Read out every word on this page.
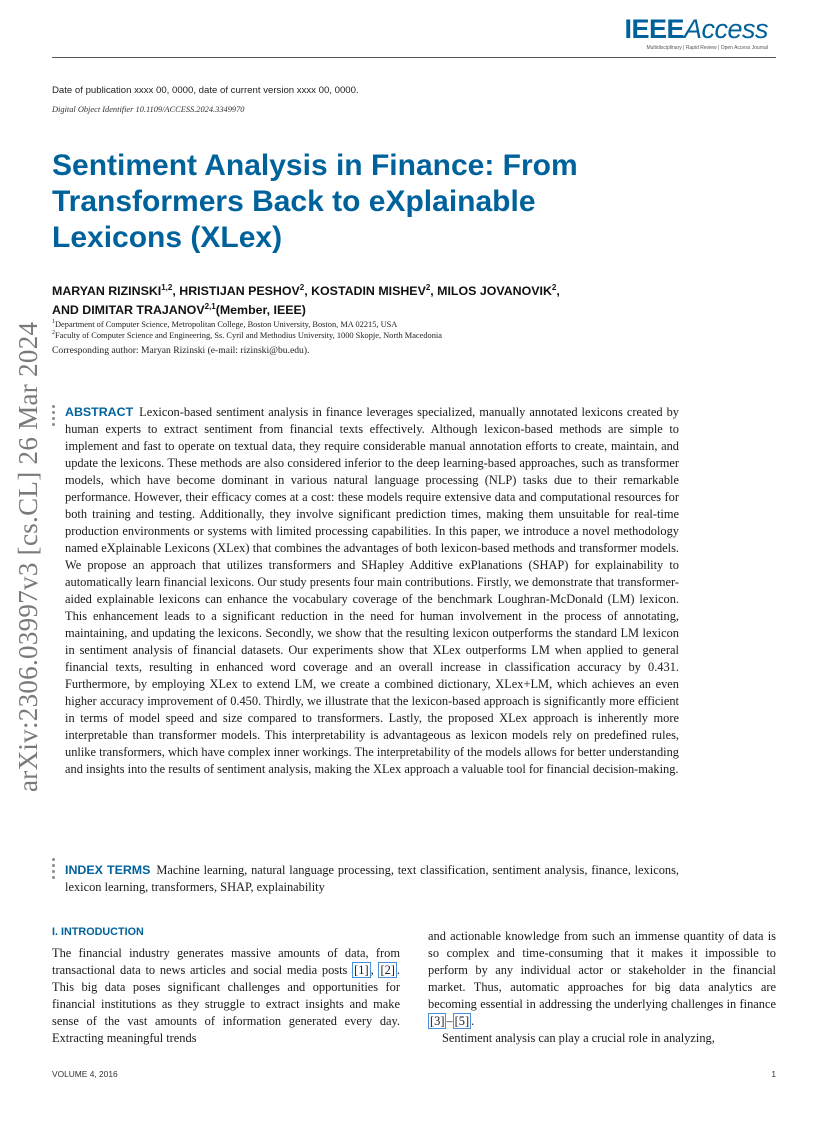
IEEEAccess
Multidisciplinary | Rapid Review | Open Access Journal
Date of publication xxxx 00, 0000, date of current version xxxx 00, 0000.
Digital Object Identifier 10.1109/ACCESS.2024.3349970
Sentiment Analysis in Finance: From
Transformers Back to eXplainable
Lexicons (XLex)
arXiv:2306.03997v3 [cs.CL] 26 Mar 2024
MARYAN RIZINSKI$^{1,2}$, HRISTIJAN PESHOV$^2$, KOSTADIN MISHEV$^2$, MILOS JOVANOVIK$^2$,
AND DIMITAR TRAJANOV$^{2,1}$(Member, IEEE)
$^1$Department of Computer Science, Metropolitan College, Boston University, Boston, MA 02215, USA
$^2$Faculty of Computer Science and Engineering, Ss. Cyril and Methodius University, 1000 Skopje, North Macedonia
Corresponding author: Maryan Rizinski (e-mail: rizinski@bu.edu).
ABSTRACT Lexicon-based sentiment analysis in finance leverages specialized, manually annotated lexicons created by human experts to extract sentiment from financial texts effectively. Although lexicon-based methods are simple to implement and fast to operate on textual data, they require considerable manual annotation efforts to create, maintain, and update the lexicons. These methods are also considered inferior to the deep learning-based approaches, such as transformer models, which have become dominant in various natural language processing (NLP) tasks due to their remarkable performance. However, their efficacy comes at a cost: these models require extensive data and computational resources for both training and testing. Additionally, they involve significant prediction times, making them unsuitable for real-time production environments or systems with limited processing capabilities. In this paper, we introduce a novel methodology named eXplainable Lexicons (XLex) that combines the advantages of both lexicon-based methods and transformer models. We propose an approach that utilizes transformers and SHapley Additive exPlanations (SHAP) for explainability to automatically learn financial lexicons. Our study presents four main contributions. Firstly, we demonstrate that transformer-aided explainable lexicons can enhance the vocabulary coverage of the benchmark Loughran-McDonald (LM) lexicon. This enhancement leads to a significant reduction in the need for human involvement in the process of annotating, maintaining, and updating the lexicons. Secondly, we show that the resulting lexicon outperforms the standard LM lexicon in sentiment analysis of financial datasets. Our experiments show that XLex outperforms LM when applied to general financial texts, resulting in enhanced word coverage and an overall increase in classification accuracy by 0.431. Furthermore, by employing XLex to extend LM, we create a combined dictionary, XLex+LM, which achieves an even higher accuracy improvement of 0.450. Thirdly, we illustrate that the lexicon-based approach is significantly more efficient in terms of model speed and size compared to transformers. Lastly, the proposed XLex approach is inherently more interpretable than transformer models. This interpretability is advantageous as lexicon models rely on predefined rules, unlike transformers, which have complex inner workings. The interpretability of the models allows for better understanding and insights into the results of sentiment analysis, making the XLex approach a valuable tool for financial decision-making.
INDEX TERMS Machine learning, natural language processing, text classification, sentiment analysis, finance, lexicons, lexicon learning, transformers, SHAP, explainability
I. INTRODUCTION

The financial industry generates massive amounts of data, from transactional data to news articles and social media posts [1] , [2] . This big data poses significant challenges and opportunities for financial institutions as they struggle to extract insights and make sense of the vast amounts of information generated every day. Extracting meaningful trends

and actionable knowledge from such an immense quantity of data is so complex and time-consuming that it makes it impossible to perform by any individual actor or stakeholder in the financial market. Thus, automatic approaches for big data analytics are becoming essential in addressing the underlying challenges in finance [3] – [5] .

Sentiment analysis can play a crucial role in analyzing,

VOLUME 4, 2016	1
